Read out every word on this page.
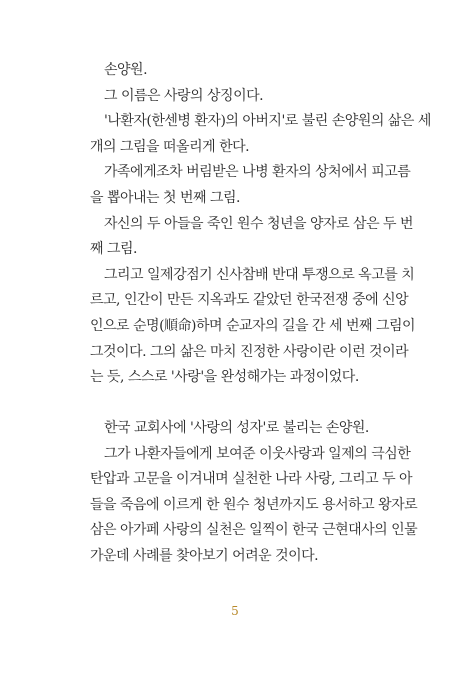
손양원.
그 이름은 사랑의 상징이다.
'나환자(한센병 환자)의 아버지'로 불린 손양원의 삶은 세
개의 그림을 떠올리게 한다.
가족에게조차 버림받은 나병 환자의 상처에서 피고름
을 뽑아내는 첫 번째 그림.
자신의 두 아들을 죽인 원수 청년을 양자로 삼은 두 번
째 그림.
그리고 일제강점기 신사참배 반대 투쟁으로 옥고를 치
르고, 인간이 만든 지옥과도 같았던 한국전쟁 중에 신앙
인으로 순명(順命)하며 순교자의 길을 간 세 번째 그림이
그것이다. 그의 삶은 마치 진정한 사랑이란 이런 것이라
는 듯, 스스로 '사랑'을 완성해가는 과정이었다.
한국 교회사에 '사랑의 성자'로 불리는 손양원.
그가 나환자들에게 보여준 이웃사랑과 일제의 극심한
탄압과 고문을 이겨내며 실천한 나라 사랑, 그리고 두 아
들을 죽음에 이르게 한 원수 청년까지도 용서하고 왕자로
삼은 아가페 사랑의 실천은 일찍이 한국 근현대사의 인물
가운데 사례를 찾아보기 어려운 것이다.
5
